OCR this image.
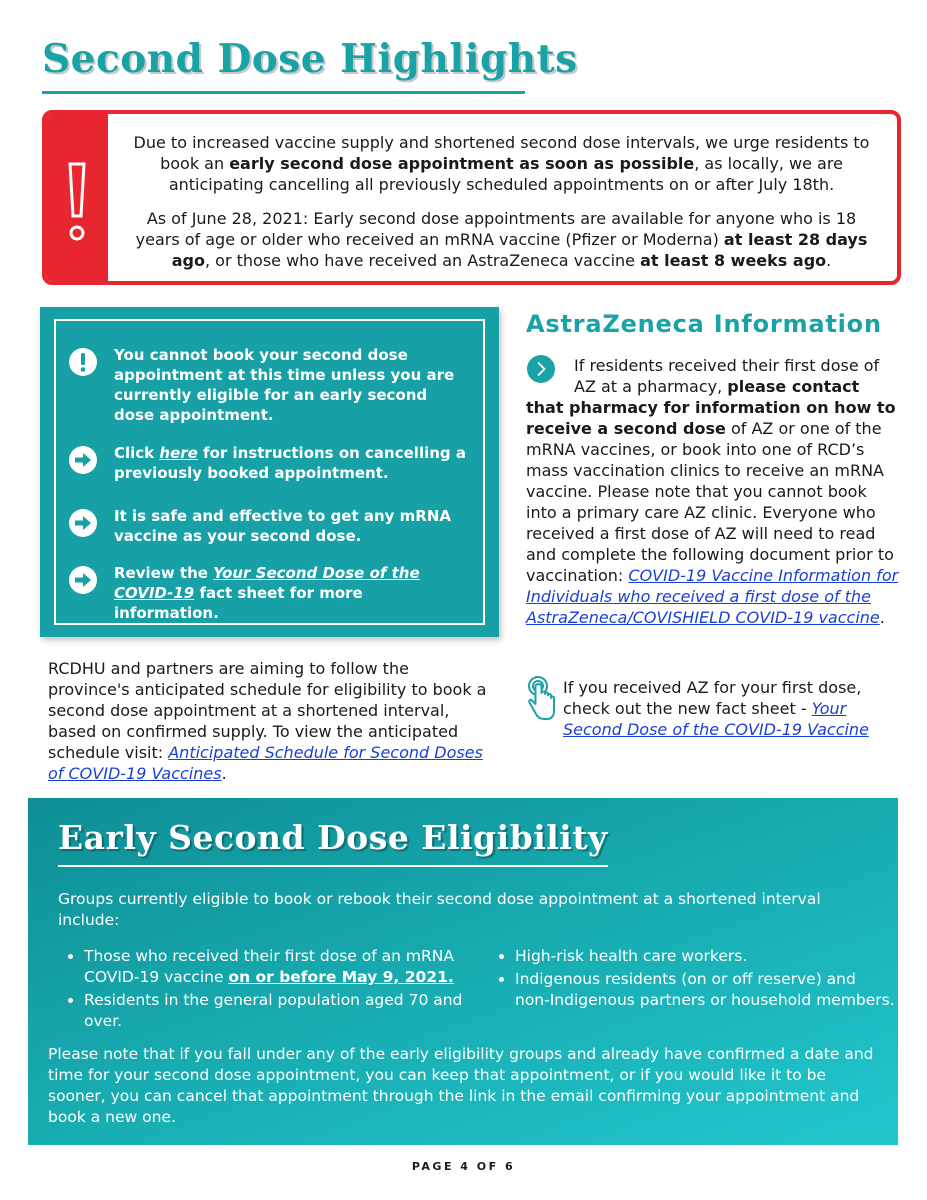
Second Dose Highlights

Due to increased vaccine supply and shortened second dose intervals, we urge residents to book an early second dose appointment as soon as possible, as locally, we are anticipating cancelling all previously scheduled appointments on or after July 18th.

As of June 28, 2021: Early second dose appointments are available for anyone who is 18 years of age or older who received an mRNA vaccine (Pfizer or Moderna) at least 28 days ago, or those who have received an AstraZeneca vaccine at least 8 weeks ago.

You cannot book your second dose appointment at this time unless you are currently eligible for an early second dose appointment.
Click here for instructions on cancelling a previously booked appointment.
It is safe and effective to get any mRNA vaccine as your second dose.
Review the Your Second Dose of the COVID-19 fact sheet for more information.

RCDHU and partners are aiming to follow the province's anticipated schedule for eligibility to book a second dose appointment at a shortened interval, based on confirmed supply. To view the anticipated schedule visit: Anticipated Schedule for Second Doses of COVID-19 Vaccines.

AstraZeneca Information

If residents received their first dose of AZ at a pharmacy, please contact that pharmacy for information on how to receive a second dose of AZ or one of the mRNA vaccines, or book into one of RCD’s mass vaccination clinics to receive an mRNA vaccine. Please note that you cannot book into a primary care AZ clinic. Everyone who received a first dose of AZ will need to read and complete the following document prior to vaccination: COVID-19 Vaccine Information for Individuals who received a first dose of the AstraZeneca/COVISHIELD COVID-19 vaccine.

If you received AZ for your first dose, check out the new fact sheet - Your Second Dose of the COVID-19 Vaccine

Early Second Dose Eligibility

Groups currently eligible to book or rebook their second dose appointment at a shortened interval include:

• Those who received their first dose of an mRNA COVID-19 vaccine on or before May 9, 2021.
• Residents in the general population aged 70 and over.
• High-risk health care workers.
• Indigenous residents (on or off reserve) and non-Indigenous partners or household members.

Please note that if you fall under any of the early eligibility groups and already have confirmed a date and time for your second dose appointment, you can keep that appointment, or if you would like it to be sooner, you can cancel that appointment through the link in the email confirming your appointment and book a new one.

PAGE 4 OF 6
